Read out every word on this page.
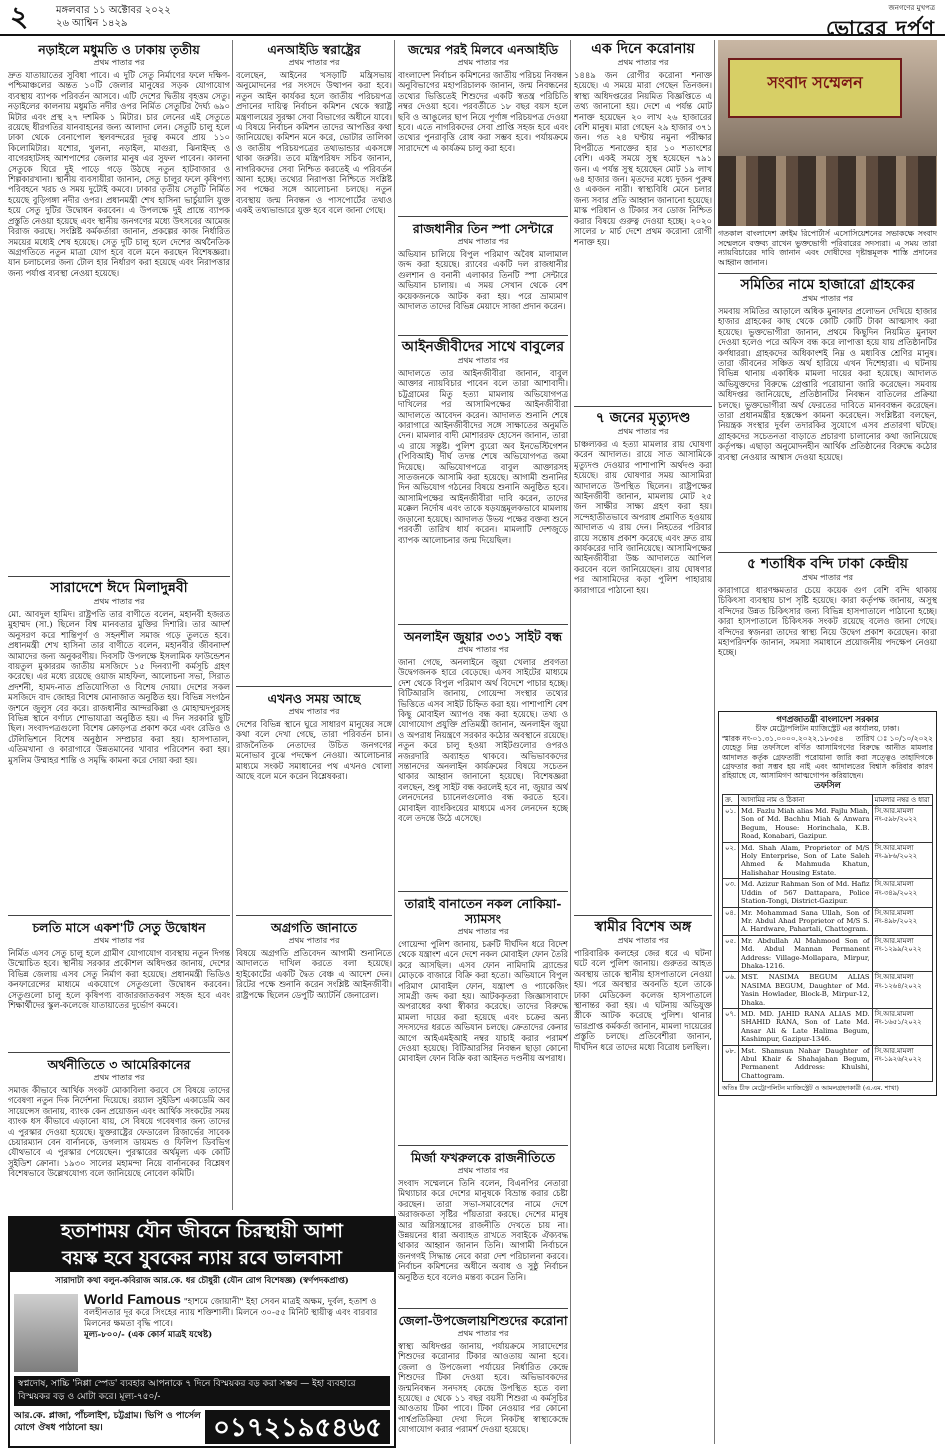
২	মঙ্গলবার ১১ অক্টোবর ২০২২
২৬ আশ্বিন ১৪২৯
জনগণের মুখপত্র
ভোরের দর্পণ
নড়াইলে মধুমতি ও ঢাকায় তৃতীয়
প্রথম পাতার পর

দ্রুত যাতায়াতের সুবিধা পাবে। এ দুটি সেতু নির্মাণের ফলে দক্ষিণ-পশ্চিমাঞ্চলের অন্তত ১০টি জেলার মানুষের সড়ক যোগাযোগ ব্যবস্থায় ব্যাপক পরিবর্তন আসবে। এটি দেশের দ্বিতীয় বৃহত্তম সেতু। নড়াইলের কালনায় মধুমতি নদীর ওপর নির্মিত সেতুটির দৈর্ঘ্য ৬৯০ মিটার এবং প্রস্থ ২৭ দশমিক ১ মিটার। চার লেনের এই সেতুতে রয়েছে ধীরগতির যানবাহনের জন্য আলাদা লেন। সেতুটি চালু হলে ঢাকা থেকে বেনাপোল স্থলবন্দরের দূরত্ব কমবে প্রায় ১১০ কিলোমিটার। যশোর, খুলনা, নড়াইল, মাগুরা, ঝিনাইদহ ও বাগেরহাটসহ আশপাশের জেলার মানুষ এর সুফল পাবেন। কালনা সেতুকে ঘিরে দুই পাড়ে গড়ে উঠছে নতুন হাটবাজার ও শিল্পকারখানা। স্থানীয় ব্যবসায়ীরা জানান, সেতু চালুর ফলে কৃষিপণ্য পরিবহনে খরচ ও সময় দুটোই কমবে। ঢাকার তৃতীয় সেতুটি নির্মিত হয়েছে বুড়িগঙ্গা নদীর ওপর। প্রধানমন্ত্রী শেখ হাসিনা ভার্চুয়ালি যুক্ত হয়ে সেতু দুটির উদ্বোধন করবেন। এ উপলক্ষে দুই প্রান্তে ব্যাপক প্রস্তুতি নেওয়া হয়েছে এবং স্থানীয় জনগণের মধ্যে উৎসবের আমেজ বিরাজ করছে। সংশ্লিষ্ট কর্মকর্তারা জানান, প্রকল্পের কাজ নির্ধারিত সময়ের মধ্যেই শেষ হয়েছে। সেতু দুটি চালু হলে দেশের অর্থনৈতিক অগ্রগতিতে নতুন মাত্রা যোগ হবে বলে মনে করছেন বিশেষজ্ঞরা। যান চলাচলের জন্য টোল হার নির্ধারণ করা হয়েছে এবং নিরাপত্তার জন্য পর্যাপ্ত ব্যবস্থা নেওয়া হয়েছে।

সারাদেশে ঈদে মিলাদুন্নবী
প্রথম পাতার পর

মো. আবদুল হামিদ। রাষ্ট্রপতি তার বাণীতে বলেন, মহানবী হজরত মুহাম্মদ (সা.) ছিলেন বিশ্ব মানবতার মুক্তির দিশারি। তার আদর্শ অনুসরণ করে শান্তিপূর্ণ ও সহনশীল সমাজ গড়ে তুলতে হবে। প্রধানমন্ত্রী শেখ হাসিনা তার বাণীতে বলেন, মহানবীর জীবনাদর্শ আমাদের জন্য অনুকরণীয়। দিবসটি উপলক্ষে ইসলামিক ফাউন্ডেশন বায়তুল মুকাররম জাতীয় মসজিদে ১৫ দিনব্যাপী কর্মসূচি গ্রহণ করেছে। এর মধ্যে রয়েছে ওয়াজ মাহফিল, আলোচনা সভা, সিরাত প্রদর্শনী, হামদ-নাত প্রতিযোগিতা ও বিশেষ দোয়া। দেশের সকল মসজিদে বাদ জোহর বিশেষ মোনাজাত অনুষ্ঠিত হয়। বিভিন্ন সংগঠন জশনে জুলুস বের করে। রাজধানীর আন্দরকিল্লা ও মোহাম্মদপুরসহ বিভিন্ন স্থানে বর্ণাঢ্য শোভাযাত্রা অনুষ্ঠিত হয়। এ দিন সরকারি ছুটি ছিল। সংবাদপত্রগুলো বিশেষ ক্রোড়পত্র প্রকাশ করে এবং রেডিও ও টেলিভিশনে বিশেষ অনুষ্ঠান সম্প্রচার করা হয়। হাসপাতাল, এতিমখানা ও কারাগারে উন্নতমানের খাবার পরিবেশন করা হয়। মুসলিম উম্মাহর শান্তি ও সমৃদ্ধি কামনা করে দোয়া করা হয়।

চলতি মাসে একশ'টি সেতু উদ্বোধন
প্রথম পাতার পর

নির্মিত এসব সেতু চালু হলে গ্রামীণ যোগাযোগ ব্যবস্থায় নতুন দিগন্ত উন্মোচিত হবে। স্থানীয় সরকার প্রকৌশল অধিদপ্তর জানায়, দেশের বিভিন্ন জেলায় এসব সেতু নির্মাণ করা হয়েছে। প্রধানমন্ত্রী ভিডিও কনফারেন্সের মাধ্যমে একযোগে সেতুগুলো উদ্বোধন করবেন। সেতুগুলো চালু হলে কৃষিপণ্য বাজারজাতকরণ সহজ হবে এবং শিক্ষার্থীদের স্কুল-কলেজে যাতায়াতের দুর্ভোগ কমবে।

অর্থনীতিতে ৩ আমেরিকানের
প্রথম পাতার পর

সমাজ কীভাবে আর্থিক সংকট মোকাবিলা করবে সে বিষয়ে তাদের গবেষণা নতুন দিক নির্দেশনা দিয়েছে। রয়্যাল সুইডিশ একাডেমি অব সায়েন্সেস জানায়, ব্যাংক কেন প্রয়োজন এবং আর্থিক সংকটের সময় ব্যাংক ধস কীভাবে এড়ানো যায়, সে বিষয়ে গবেষণার জন্য তাদের এ পুরস্কার দেওয়া হয়েছে। যুক্তরাষ্ট্রের ফেডারেল রিজার্ভের সাবেক চেয়ারম্যান বেন বার্নানকে, ডগলাস ডায়মন্ড ও ফিলিপ ডিবভিগ যৌথভাবে এ পুরস্কার পেয়েছেন। পুরস্কারের অর্থমূল্য এক কোটি সুইডিশ ক্রোনা। ১৯৩০ সালের মহামন্দা নিয়ে বার্নানকের বিশ্লেষণ বিশেষভাবে উল্লেখযোগ্য বলে জানিয়েছে নোবেল কমিটি।

এনআইডি স্বরাষ্ট্রের
প্রথম পাতার পর

বলেছেন, আইনের খসড়াটি মন্ত্রিসভায় অনুমোদনের পর সংসদে উত্থাপন করা হবে। নতুন আইন কার্যকর হলে জাতীয় পরিচয়পত্র প্রদানের দায়িত্ব নির্বাচন কমিশন থেকে স্বরাষ্ট্র মন্ত্রণালয়ের সুরক্ষা সেবা বিভাগের অধীনে যাবে। এ বিষয়ে নির্বাচন কমিশন তাদের আপত্তির কথা জানিয়েছে। কমিশন মনে করে, ভোটার তালিকা ও জাতীয় পরিচয়পত্রের তথ্যভান্ডার একসঙ্গে থাকা জরুরি। তবে মন্ত্রিপরিষদ সচিব জানান, নাগরিকদের সেবা নিশ্চিত করতেই এ পরিবর্তন আনা হচ্ছে। তথ্যের নিরাপত্তা নিশ্চিতে সংশ্লিষ্ট সব পক্ষের সঙ্গে আলোচনা চলছে। নতুন ব্যবস্থায় জন্ম নিবন্ধন ও পাসপোর্টের তথ্যও একই তথ্যভান্ডারে যুক্ত হবে বলে জানা গেছে।

এখনও সময় আছে
প্রথম পাতার পর

দেশের বিভিন্ন স্থানে ঘুরে সাধারণ মানুষের সঙ্গে কথা বলে দেখা গেছে, তারা পরিবর্তন চান। রাজনৈতিক নেতাদের উচিত জনগণের মনোভাব বুঝে পদক্ষেপ নেওয়া। আলোচনার মাধ্যমে সংকট সমাধানের পথ এখনও খোলা আছে বলে মনে করেন বিশ্লেষকরা।

অগ্রগতি জানাতে
প্রথম পাতার পর

বিষয়ে অগ্রগতি প্রতিবেদন আগামী শুনানিতে আদালতে দাখিল করতে বলা হয়েছে। হাইকোর্টের একটি দ্বৈত বেঞ্চ এ আদেশ দেন। রিটের পক্ষে শুনানি করেন সংশ্লিষ্ট আইনজীবী। রাষ্ট্রপক্ষে ছিলেন ডেপুটি অ্যাটর্নি জেনারেল।

জন্মের পরই মিলবে এনআইডি
প্রথম পাতার পর

বাংলাদেশ নির্বাচন কমিশনের জাতীয় পরিচয় নিবন্ধন অনুবিভাগের মহাপরিচালক জানান, জন্ম নিবন্ধনের তথ্যের ভিত্তিতেই শিশুদের একটি স্বতন্ত্র পরিচিতি নম্বর দেওয়া হবে। পরবর্তীতে ১৮ বছর বয়স হলে ছবি ও আঙুলের ছাপ নিয়ে পূর্ণাঙ্গ পরিচয়পত্র দেওয়া হবে। এতে নাগরিকদের সেবা প্রাপ্তি সহজ হবে এবং তথ্যের পুনরাবৃত্তি রোধ করা সম্ভব হবে। পর্যায়ক্রমে সারাদেশে এ কার্যক্রম চালু করা হবে।

রাজধানীর তিন স্পা সেন্টারে
প্রথম পাতার পর

অভিযান চালিয়ে বিপুল পরিমাণ অবৈধ মালামাল জব্দ করা হয়েছে। র‌্যাবের একটি দল রাজধানীর গুলশান ও বনানী এলাকার তিনটি স্পা সেন্টারে অভিযান চালায়। এ সময় সেখান থেকে বেশ কয়েকজনকে আটক করা হয়। পরে ভ্রাম্যমাণ আদালত তাদের বিভিন্ন মেয়াদে সাজা প্রদান করেন।

আইনজীবীদের সাথে বাবুলের
প্রথম পাতার পর

আদালতে তার আইনজীবীরা জানান, বাবুল আক্তার ন্যায়বিচার পাবেন বলে তারা আশাবাদী। চট্টগ্রামের মিতু হত্যা মামলায় অভিযোগপত্র দাখিলের পর আসামিপক্ষের আইনজীবীরা আদালতে আবেদন করেন। আদালত শুনানি শেষে কারাগারে আইনজীবীদের সঙ্গে সাক্ষাতের অনুমতি দেন। মামলার বাদী মোশাররফ হোসেন জানান, তারা এ রায়ে সন্তুষ্ট। পুলিশ ব্যুরো অব ইনভেস্টিগেশন (পিবিআই) দীর্ঘ তদন্ত শেষে অভিযোগপত্র জমা দিয়েছে। অভিযোগপত্রে বাবুল আক্তারসহ সাতজনকে আসামি করা হয়েছে। আগামী শুনানির দিন অভিযোগ গঠনের বিষয়ে শুনানি অনুষ্ঠিত হবে। আসামিপক্ষের আইনজীবীরা দাবি করেন, তাদের মক্কেল নির্দোষ এবং তাকে ষড়যন্ত্রমূলকভাবে মামলায় জড়ানো হয়েছে। আদালত উভয় পক্ষের বক্তব্য শুনে পরবর্তী তারিখ ধার্য করেন। মামলাটি দেশজুড়ে ব্যাপক আলোচনার জন্ম দিয়েছিল।

অনলাইন জুয়ার ৩৩১ সাইট বন্ধ
প্রথম পাতার পর

জানা গেছে, অনলাইনে জুয়া খেলার প্রবণতা উদ্বেগজনক হারে বেড়েছে। এসব সাইটের মাধ্যমে দেশ থেকে বিপুল পরিমাণ অর্থ বিদেশে পাচার হচ্ছে। বিটিআরসি জানায়, গোয়েন্দা সংস্থার তথ্যের ভিত্তিতে এসব সাইট চিহ্নিত করা হয়। পাশাপাশি বেশ কিছু মোবাইল অ্যাপও বন্ধ করা হয়েছে। তথ্য ও যোগাযোগ প্রযুক্তি প্রতিমন্ত্রী জানান, অনলাইন জুয়া ও অপরাধ নিয়ন্ত্রণে সরকার কঠোর অবস্থানে রয়েছে। নতুন করে চালু হওয়া সাইটগুলোর ওপরও নজরদারি অব্যাহত থাকবে। অভিভাবকদের সন্তানদের অনলাইন কার্যক্রমের বিষয়ে সচেতন থাকার আহ্বান জানানো হয়েছে। বিশেষজ্ঞরা বলছেন, শুধু সাইট বন্ধ করলেই হবে না, জুয়ার অর্থ লেনদেনের চ্যানেলগুলোও বন্ধ করতে হবে। মোবাইল ব্যাংকিংয়ের মাধ্যমে এসব লেনদেন হচ্ছে বলে তদন্তে উঠে এসেছে।

তারাই বানাতেন নকল নোকিয়া-স্যামসং
প্রথম পাতার পর

গোয়েন্দা পুলিশ জানায়, চক্রটি দীর্ঘদিন ধরে বিদেশ থেকে যন্ত্রাংশ এনে দেশে নকল মোবাইল ফোন তৈরি করে আসছিল। এসব ফোন নামিদামি ব্র্যান্ডের মোড়কে বাজারে বিক্রি করা হতো। অভিযানে বিপুল পরিমাণ মোবাইল ফোন, যন্ত্রাংশ ও প্যাকেজিং সামগ্রী জব্দ করা হয়। আটককৃতরা জিজ্ঞাসাবাদে অপরাধের কথা স্বীকার করেছে। তাদের বিরুদ্ধে মামলা দায়ের করা হয়েছে এবং চক্রের অন্য সদস্যদের ধরতে অভিযান চলছে। ক্রেতাদের কেনার আগে আইএমইআই নম্বর যাচাই করার পরামর্শ দেওয়া হয়েছে। বিটিআরসির নিবন্ধন ছাড়া কোনো মোবাইল ফোন বিক্রি করা আইনত দণ্ডনীয় অপরাধ।

মির্জা ফখরুলকে রাজনীতিতে
প্রথম পাতার পর

সংবাদ সম্মেলনে তিনি বলেন, বিএনপির নেতারা মিথ্যাচার করে দেশের মানুষকে বিভ্রান্ত করার চেষ্টা করছেন। তারা সভা-সমাবেশের নামে দেশে অরাজকতা সৃষ্টির পাঁয়তারা করছে। দেশের মানুষ আর অগ্নিসন্ত্রাসের রাজনীতি দেখতে চায় না। উন্নয়নের ধারা অব্যাহত রাখতে সবাইকে ঐক্যবদ্ধ থাকার আহ্বান জানান তিনি। আগামী নির্বাচনে জনগণই সিদ্ধান্ত নেবে কারা দেশ পরিচালনা করবে। নির্বাচন কমিশনের অধীনে অবাধ ও সুষ্ঠু নির্বাচন অনুষ্ঠিত হবে বলেও মন্তব্য করেন তিনি।

জেলা-উপজেলায়শিশুদের করোনা
প্রথম পাতার পর

স্বাস্থ্য অধিদপ্তর জানায়, পর্যায়ক্রমে সারাদেশের শিশুদের করোনার টিকার আওতায় আনা হবে। জেলা ও উপজেলা পর্যায়ের নির্ধারিত কেন্দ্রে শিশুদের টিকা দেওয়া হবে। অভিভাবকদের জন্মনিবন্ধন সনদসহ কেন্দ্রে উপস্থিত হতে বলা হয়েছে। ৫ থেকে ১১ বছর বয়সী শিশুরা এ কর্মসূচির আওতায় টিকা পাবে। টিকা নেওয়ার পর কোনো পার্শ্বপ্রতিক্রিয়া দেখা দিলে নিকটস্থ স্বাস্থ্যকেন্দ্রে যোগাযোগ করার পরামর্শ দেওয়া হয়েছে।

এক দিনে করোনায়
প্রথম পাতার পর

১৪৪৯ জন রোগীর করোনা শনাক্ত হয়েছে। এ সময়ে মারা গেছেন তিনজন। স্বাস্থ্য অধিদপ্তরের নিয়মিত বিজ্ঞপ্তিতে এ তথ্য জানানো হয়। দেশে এ পর্যন্ত মোট শনাক্ত হয়েছেন ২০ লাখ ২৬ হাজারের বেশি মানুষ। মারা গেছেন ২৯ হাজার ৩৭১ জন। গত ২৪ ঘণ্টায় নমুনা পরীক্ষার বিপরীতে শনাক্তের হার ১০ শতাংশের বেশি। একই সময়ে সুস্থ হয়েছেন ৭৯১ জন। এ পর্যন্ত সুস্থ হয়েছেন মোট ১৯ লাখ ৬৪ হাজার জন। মৃতদের মধ্যে দুজন পুরুষ ও একজন নারী। স্বাস্থ্যবিধি মেনে চলার জন্য সবার প্রতি আহ্বান জানানো হয়েছে। মাস্ক পরিধান ও টিকার সব ডোজ নিশ্চিত করার বিষয়ে গুরুত্ব দেওয়া হচ্ছে। ২০২০ সালের ৮ মার্চ দেশে প্রথম করোনা রোগী শনাক্ত হয়।

৭ জনের মৃত্যুদণ্ড
প্রথম পাতার পর

চাঞ্চল্যকর এ হত্যা মামলার রায় ঘোষণা করেন আদালত। রায়ে সাত আসামিকে মৃত্যুদণ্ড দেওয়ার পাশাপাশি অর্থদণ্ড করা হয়েছে। রায় ঘোষণার সময় আসামিরা আদালতে উপস্থিত ছিলেন। রাষ্ট্রপক্ষের আইনজীবী জানান, মামলায় মোট ২৫ জন সাক্ষীর সাক্ষ্য গ্রহণ করা হয়। সন্দেহাতীতভাবে অপরাধ প্রমাণিত হওয়ায় আদালত এ রায় দেন। নিহতের পরিবার রায়ে সন্তোষ প্রকাশ করেছে এবং দ্রুত রায় কার্যকরের দাবি জানিয়েছে। আসামিপক্ষের আইনজীবীরা উচ্চ আদালতে আপিল করবেন বলে জানিয়েছেন। রায় ঘোষণার পর আসামিদের কড়া পুলিশ পাহারায় কারাগারে পাঠানো হয়।

স্বামীর বিশেষ অঙ্গ
প্রথম পাতার পর

পারিবারিক কলহের জের ধরে এ ঘটনা ঘটে বলে পুলিশ জানায়। গুরুতর আহত অবস্থায় তাকে স্থানীয় হাসপাতালে নেওয়া হয়। পরে অবস্থার অবনতি হলে তাকে ঢাকা মেডিকেল কলেজ হাসপাতালে স্থানান্তর করা হয়। এ ঘটনায় অভিযুক্ত স্ত্রীকে আটক করেছে পুলিশ। থানার ভারপ্রাপ্ত কর্মকর্তা জানান, মামলা দায়েরের প্রস্তুতি চলছে। প্রতিবেশীরা জানান, দীর্ঘদিন ধরে তাদের মধ্যে বিরোধ চলছিল।

সংবাদ সম্মেলন

গতকাল বাংলাদেশ ক্রাইম রিপোর্টার্স এসোসিয়েশনের সভাকক্ষে সংবাদ সম্মেলনে বক্তব্য রাখেন ভুক্তভোগী পরিবারের সদস্যরা। এ সময় তারা ন্যায়বিচারের দাবি জানান এবং দোষীদের দৃষ্টান্তমূলক শাস্তি প্রদানের আহ্বান জানান।

সমিতির নামে হাজারো গ্রাহকের
প্রথম পাতার পর

সমবায় সমিতির আড়ালে অধিক মুনাফার প্রলোভন দেখিয়ে হাজার হাজার গ্রাহকের কাছ থেকে কোটি কোটি টাকা আত্মসাৎ করা হয়েছে। ভুক্তভোগীরা জানান, প্রথমে কিছুদিন নিয়মিত মুনাফা দেওয়া হলেও পরে অফিস বন্ধ করে লাপাত্তা হয়ে যায় প্রতিষ্ঠানটির কর্ণধাররা। গ্রাহকদের অধিকাংশই নিম্ন ও মধ্যবিত্ত শ্রেণির মানুষ। তারা জীবনের সঞ্চিত অর্থ হারিয়ে এখন দিশেহারা। এ ঘটনায় বিভিন্ন থানায় একাধিক মামলা দায়ের করা হয়েছে। আদালত অভিযুক্তদের বিরুদ্ধে গ্রেপ্তারি পরোয়ানা জারি করেছেন। সমবায় অধিদপ্তর জানিয়েছে, প্রতিষ্ঠানটির নিবন্ধন বাতিলের প্রক্রিয়া চলছে। ভুক্তভোগীরা অর্থ ফেরতের দাবিতে মানববন্ধন করেছেন। তারা প্রধানমন্ত্রীর হস্তক্ষেপ কামনা করেছেন। সংশ্লিষ্টরা বলছেন, নিয়ন্ত্রক সংস্থার দুর্বল তদারকির সুযোগে এসব প্রতারণা ঘটছে। গ্রাহকদের সচেতনতা বাড়াতে প্রচারণা চালানোর কথা জানিয়েছে কর্তৃপক্ষ। এছাড়া অনুমোদনহীন আর্থিক প্রতিষ্ঠানের বিরুদ্ধে কঠোর ব্যবস্থা নেওয়ার আশ্বাস দেওয়া হয়েছে।

৫ শতাধিক বন্দি ঢাকা কেন্দ্রীয়
প্রথম পাতার পর

কারাগারে ধারণক্ষমতার চেয়ে কয়েক গুণ বেশি বন্দি থাকায় চিকিৎসা ব্যবস্থায় চাপ সৃষ্টি হয়েছে। কারা কর্তৃপক্ষ জানায়, অসুস্থ বন্দিদের উন্নত চিকিৎসার জন্য বিভিন্ন হাসপাতালে পাঠানো হচ্ছে। কারা হাসপাতালে চিকিৎসক সংকট রয়েছে বলেও জানা গেছে। বন্দিদের স্বজনরা তাদের স্বাস্থ্য নিয়ে উদ্বেগ প্রকাশ করেছেন। কারা মহাপরিদর্শক জানান, সমস্যা সমাধানে প্রয়োজনীয় পদক্ষেপ নেওয়া হচ্ছে।

গণপ্রজাতন্ত্রী বাংলাদেশ সরকার
চীফ মেট্রোপলিটন ম্যাজিস্ট্রেট এর কার্যালয়, ঢাকা।
স্মারক নং-০১.৩১.০০০০.২০২২.১৮৩৫৪ তারিখ ঃ ১০/১০/২০২২

যেহেতু নিম্ন তফসিলে বর্ণিত আসামিগণের বিরুদ্ধে আনীত মামলার আদালত কর্তৃক গ্রেফতারী পরোয়ানা জারি করা সত্ত্বেও তাহাদিগকে গ্রেফতার করা সম্ভব হয় নাই এবং আদালতের বিশ্বাস করিবার কারণ রহিয়াছে যে, আসামিগণ আত্মগোপন করিয়াছেন।

তফসিল
ক্র.	আসামির নাম ও ঠিকানা	মামলার নম্বর ও ধারা
০১.	Md. Fazlu Miah alias Md. Fajlu Miah, Son of Md. Bachhu Miah & Anwara Begum, House: Horinchala, K.B. Road, Konabari, Gazipur.	সি.আর.মামলা নং-৫৯৮/২০২২
০২.	Md. Shah Alam, Proprietor of M/S Holy Enterprise, Son of Late Saleh Ahmed & Mahmuda Khatun, Halishahar Housing Estate.	সি.আর.মামলা নং-৯৮৬/২০২২
০৩.	Md. Azizur Rahman Son of Md. Hafiz Uddin of 567 Dattapara, Police Station-Tongi, District-Gazipur.	সি.আর.মামলা নং-৩৪৯/২০২২
০৪.	Mr. Mohammad Sana Ullah, Son of Mr. Abdul Ahad Proprietor of M/S S. A. Hardware, Pahartali, Chattogram.	সি.আর.মামলা নং-৪৯৮/২০২২
০৫.	Mr. Abdullah Al Mahmood Son of Md. Abdul Mannan Permanent Address: Village-Mollapara, Mirpur, Dhaka-1216.	সি.আর.মামলা নং-১২৯৯/২০২২
০৬.	MST. NASIMA BEGUM ALIAS NASIMA BEGUM, Daughter of Md. Yasin Howlader, Block-B, Mirpur-12, Dhaka.	সি.আর.মামলা নং-১২৬৪/২০২২
০৭.	MD. MD. JAHID RANA ALIAS MD. SHAHID RANA, Son of Late Md. Ansar Ali & Late Halima Begum, Kashimpur, Gazipur-1346.	সি.আর.মামলা নং-১৬৫১/২০২২
০৮.	Mst. Shamsun Nahar Daughter of Abul Khair & Shahajahan Begum, Permanent Address: Khulshi, Chattogram.	সি.আর.মামলা নং-১৯২৬/২০২২
অতিঃ চীফ মেট্রোপলিটন ম্যাজিস্ট্রেট ও আমলগ্রহণকারী (এ.এম. শাখা)
হতাশাময় যৌন জীবনে চিরস্থায়ী আশা
বয়স্ক হবে যুবকের ন্যায় রবে ভালবাসা
সারাদাটা কথা বলুন-কবিরাজ আর.কে. ধর চৌধুরী (যৌন রোগ বিশেষজ্ঞ) (স্বর্ণপদকপ্রাপ্ত)
World Famous "হাশমে জোয়ানী" ইহা সেবন মাত্রই অক্ষম, দুর্বল, হতাশ ও বলহীনতার দূর করে সিংহের ন্যায় শক্তিশালী। মিলনে ৩০-৫৫ মিনিট স্থায়ীত্ব এবং বারবার মিলনের ক্ষমতা বৃদ্ধি পাবে।
মূল্য-৮০০/- (এক কোর্স মাত্রই যথেষ্ট)
স্বপ্নদোষ, সাচ্চি 'নিপ্পা স্পেড' ব্যবহার আপনাকে ৭ দিনে বিস্ময়কর বড় করা সম্ভব — ইহা ব্যবহারে বিস্ময়কর বড় ও মোটা করে। মূল্য-৭৫০/-
আর.কে. প্লাজা, পাঁচলাইশ, চট্টগ্রাম। ভিপি ও পার্সেল যোগে ঔষধ পাঠানো হয়।	০১৭২১৯৫৪৬৫
